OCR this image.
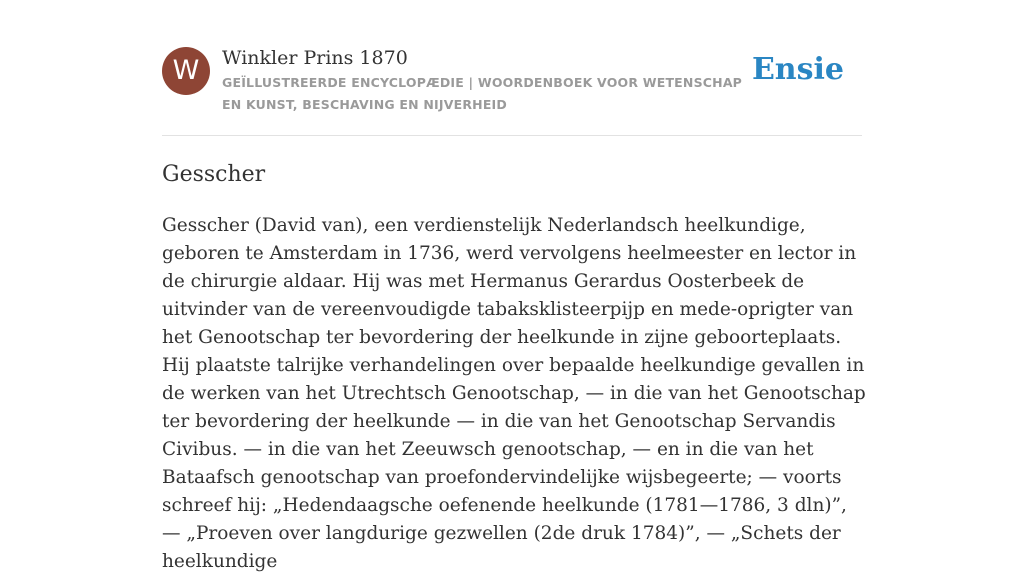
W	Winkler Prins 1870
GEÏLLUSTREERDE ENCYCLOPÆDIE | WOORDENBOEK VOOR WETENSCHAP EN KUNST, BESCHAVING EN NIJVERHEID
Ensie
Gesscher

Gesscher (David van), een verdienstelijk Nederlandsch heelkundige, geboren te Amsterdam in 1736, werd vervolgens heelmeester en lector in de chirurgie aldaar. Hij was met Hermanus Gerardus Oosterbeek de uitvinder van de vereenvoudigde tabaksklisteerpijp en mede-oprigter van het Genootschap ter bevordering der heelkunde in zijne geboorteplaats. Hij plaatste talrijke verhandelingen over bepaalde heelkundige gevallen in de werken van het Utrechtsch Genootschap, — in die van het Genootschap ter bevordering der heelkunde — in die van het Genootschap Servandis Civibus. — in die van het Zeeuwsch genootschap, — en in die van het Bataafsch genootschap van proefondervindelijke wijsbegeerte; — voorts schreef hij: „Hedendaagsche oefenende heelkunde (1781—1786, 3 dln)”, — „Proeven over langdurige gezwellen (2de druk 1784)”, — „Schets der heelkundige
